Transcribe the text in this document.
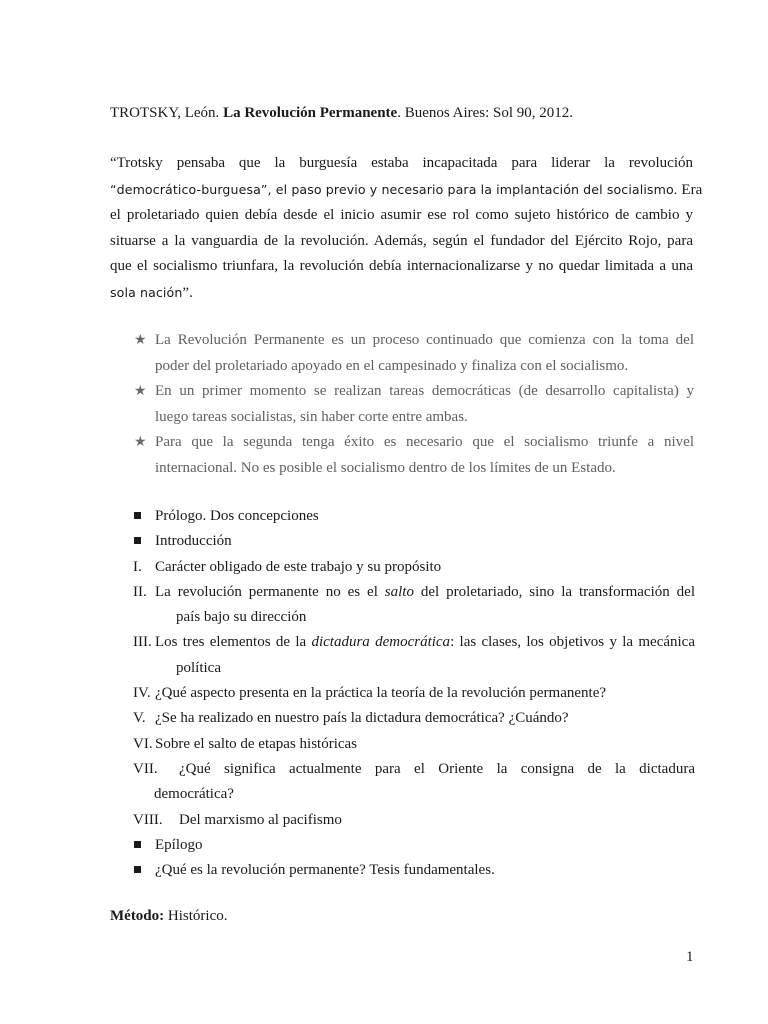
TROTSKY, León. La Revolución Permanente. Buenos Aires: Sol 90, 2012.
“Trotsky pensaba que la burguesía estaba incapacitada para liderar la revolución
“democrático-burguesa”, el paso previo y necesario para la implantación del socialismo. Era
el proletariado quien debía desde el inicio asumir ese rol como sujeto histórico de cambio y
situarse a la vanguardia de la revolución. Además, según el fundador del Ejército Rojo, para
que el socialismo triunfara, la revolución debía internacionalizarse y no quedar limitada a una
sola nación”.
★ La Revolución Permanente es un proceso continuado que comienza con la toma del
poder del proletariado apoyado en el campesinado y finaliza con el socialismo.
★ En un primer momento se realizan tareas democráticas (de desarrollo capitalista) y
luego tareas socialistas, sin haber corte entre ambas.
★ Para que la segunda tenga éxito es necesario que el socialismo triunfe a nivel
internacional. No es posible el socialismo dentro de los límites de un Estado.
Prólogo. Dos concepciones
Introducción
I. Carácter obligado de este trabajo y su propósito
II. La revolución permanente no es el salto del proletariado, sino la transformación del
país bajo su dirección
III. Los tres elementos de la dictadura democrática: las clases, los objetivos y la mecánica
política
IV. ¿Qué aspecto presenta en la práctica la teoría de la revolución permanente?
V. ¿Se ha realizado en nuestro país la dictadura democrática? ¿Cuándo?
VI. Sobre el salto de etapas históricas
VII. ¿Qué significa actualmente para el Oriente la consigna de la dictadura
democrática?
VIII. Del marxismo al pacifismo
Epílogo
¿Qué es la revolución permanente? Tesis fundamentales.
Método: Histórico.
1
